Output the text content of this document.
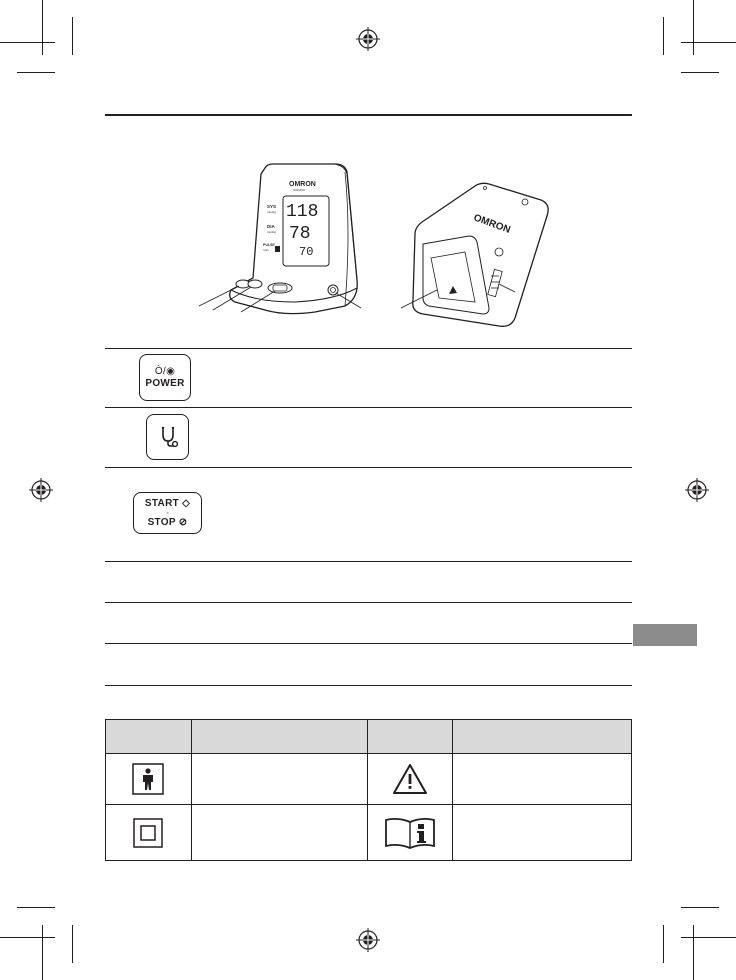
OMRON
118
78
70
SYS
mmHg
DIA
mmHg
PULSE
/min
OMRON
Ò/◉
POWER
START ◇
◦
STOP ⊘
